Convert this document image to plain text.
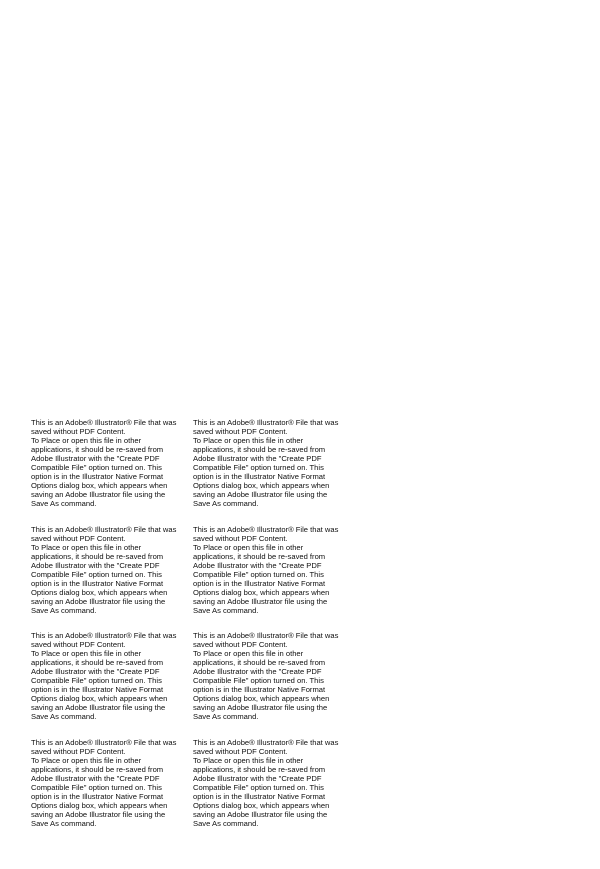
This is an Adobe® Illustrator® File that was
saved without PDF Content.
To Place or open this file in other
applications, it should be re-saved from
Adobe Illustrator with the "Create PDF
Compatible File" option turned on. This
option is in the Illustrator Native Format
Options dialog box, which appears when
saving an Adobe Illustrator file using the
Save As command.
This is an Adobe® Illustrator® File that was
saved without PDF Content.
To Place or open this file in other
applications, it should be re-saved from
Adobe Illustrator with the "Create PDF
Compatible File" option turned on. This
option is in the Illustrator Native Format
Options dialog box, which appears when
saving an Adobe Illustrator file using the
Save As command.
This is an Adobe® Illustrator® File that was
saved without PDF Content.
To Place or open this file in other
applications, it should be re-saved from
Adobe Illustrator with the "Create PDF
Compatible File" option turned on. This
option is in the Illustrator Native Format
Options dialog box, which appears when
saving an Adobe Illustrator file using the
Save As command.
This is an Adobe® Illustrator® File that was
saved without PDF Content.
To Place or open this file in other
applications, it should be re-saved from
Adobe Illustrator with the "Create PDF
Compatible File" option turned on. This
option is in the Illustrator Native Format
Options dialog box, which appears when
saving an Adobe Illustrator file using the
Save As command.
This is an Adobe® Illustrator® File that was
saved without PDF Content.
To Place or open this file in other
applications, it should be re-saved from
Adobe Illustrator with the "Create PDF
Compatible File" option turned on. This
option is in the Illustrator Native Format
Options dialog box, which appears when
saving an Adobe Illustrator file using the
Save As command.
This is an Adobe® Illustrator® File that was
saved without PDF Content.
To Place or open this file in other
applications, it should be re-saved from
Adobe Illustrator with the "Create PDF
Compatible File" option turned on. This
option is in the Illustrator Native Format
Options dialog box, which appears when
saving an Adobe Illustrator file using the
Save As command.
This is an Adobe® Illustrator® File that was
saved without PDF Content.
To Place or open this file in other
applications, it should be re-saved from
Adobe Illustrator with the "Create PDF
Compatible File" option turned on. This
option is in the Illustrator Native Format
Options dialog box, which appears when
saving an Adobe Illustrator file using the
Save As command.
This is an Adobe® Illustrator® File that was
saved without PDF Content.
To Place or open this file in other
applications, it should be re-saved from
Adobe Illustrator with the "Create PDF
Compatible File" option turned on. This
option is in the Illustrator Native Format
Options dialog box, which appears when
saving an Adobe Illustrator file using the
Save As command.
